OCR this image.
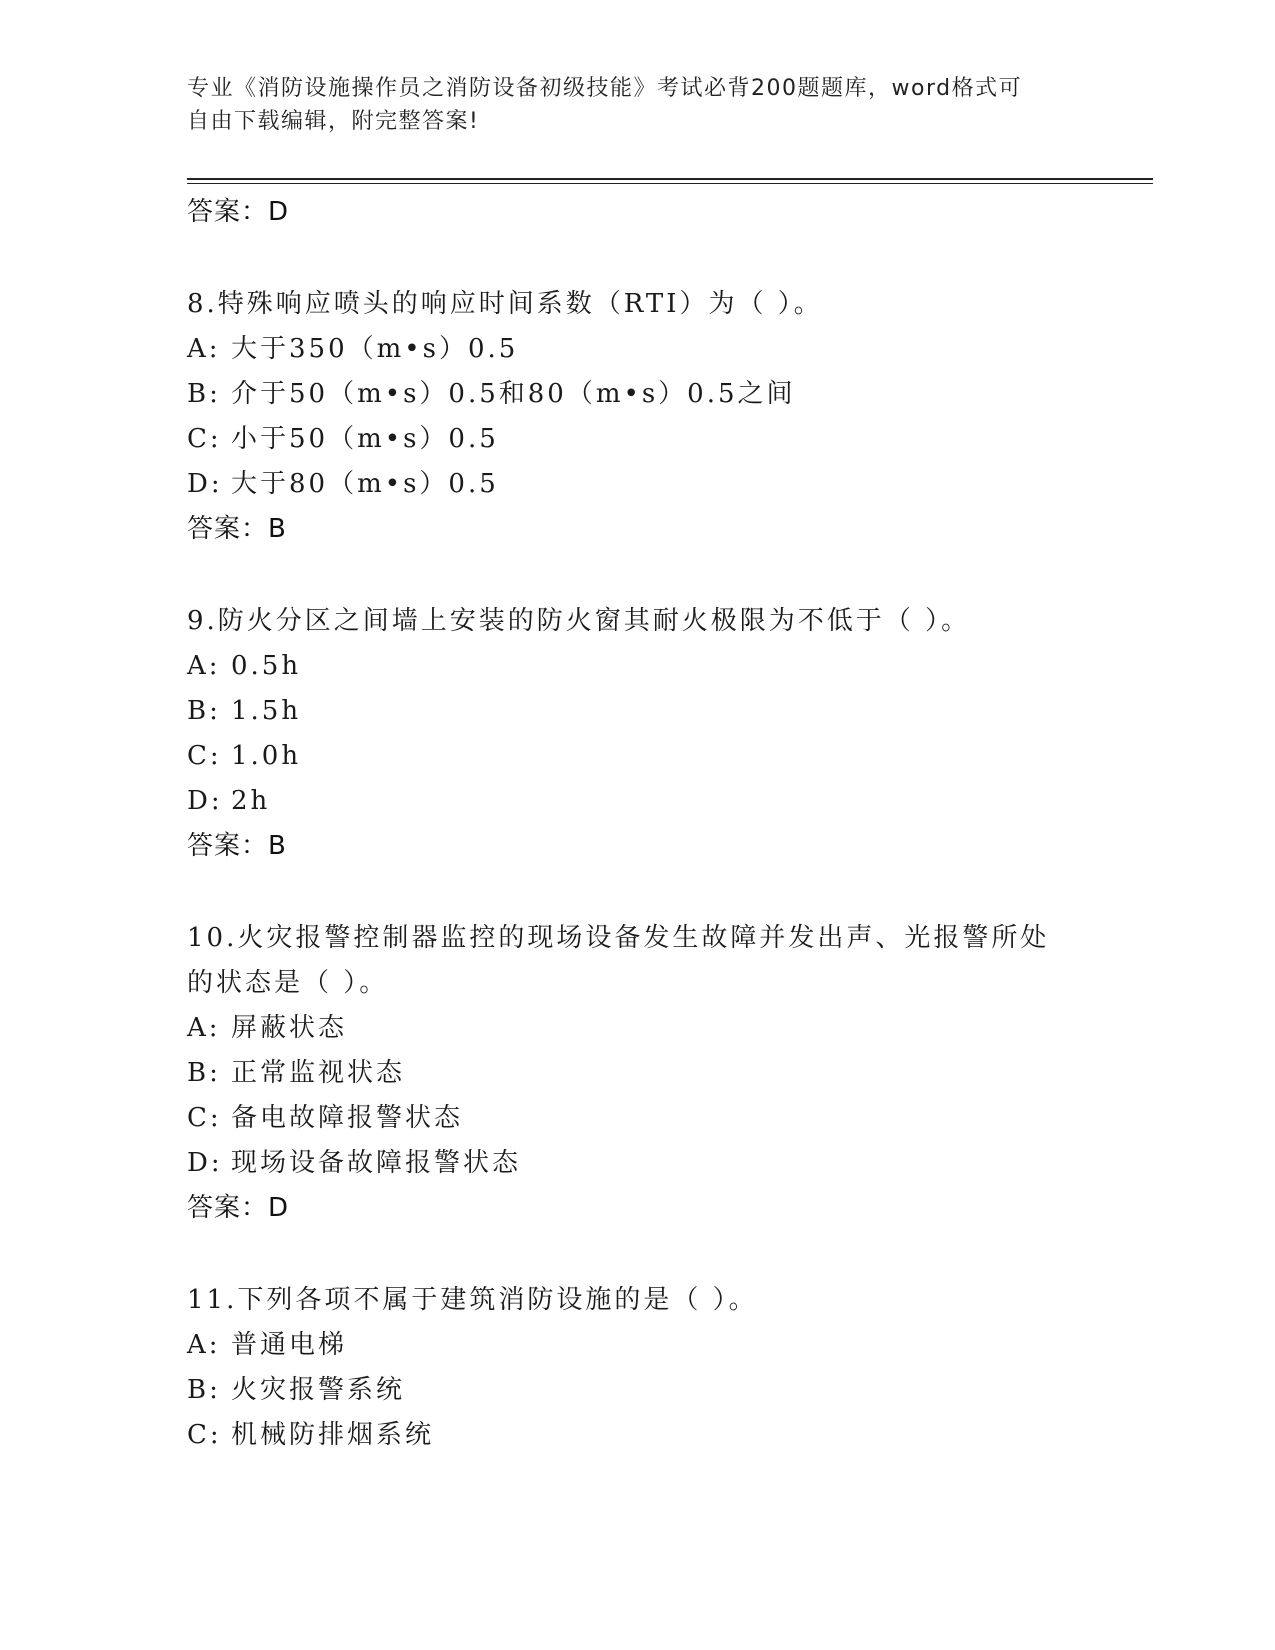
专业《消防设施操作员之消防设备初级技能》考试必背200题题库，word格式可
自由下载编辑，附完整答案!
答案：D
8.特殊响应喷头的响应时间系数（RTI）为（ ）。
A: 大于350（m•s）0.5
B: 介于50（m•s）0.5和80（m•s）0.5之间
C: 小于50（m•s）0.5
D: 大于80（m•s）0.5
答案：B
9.防火分区之间墙上安装的防火窗其耐火极限为不低于（ ）。
A: 0.5h
B: 1.5h
C: 1.0h
D: 2h
答案：B
10.火灾报警控制器监控的现场设备发生故障并发出声、光报警所处的状态是（ ）。
A: 屏蔽状态
B: 正常监视状态
C: 备电故障报警状态
D: 现场设备故障报警状态
答案：D
11.下列各项不属于建筑消防设施的是（ ）。
A: 普通电梯
B: 火灾报警系统
C: 机械防排烟系统
